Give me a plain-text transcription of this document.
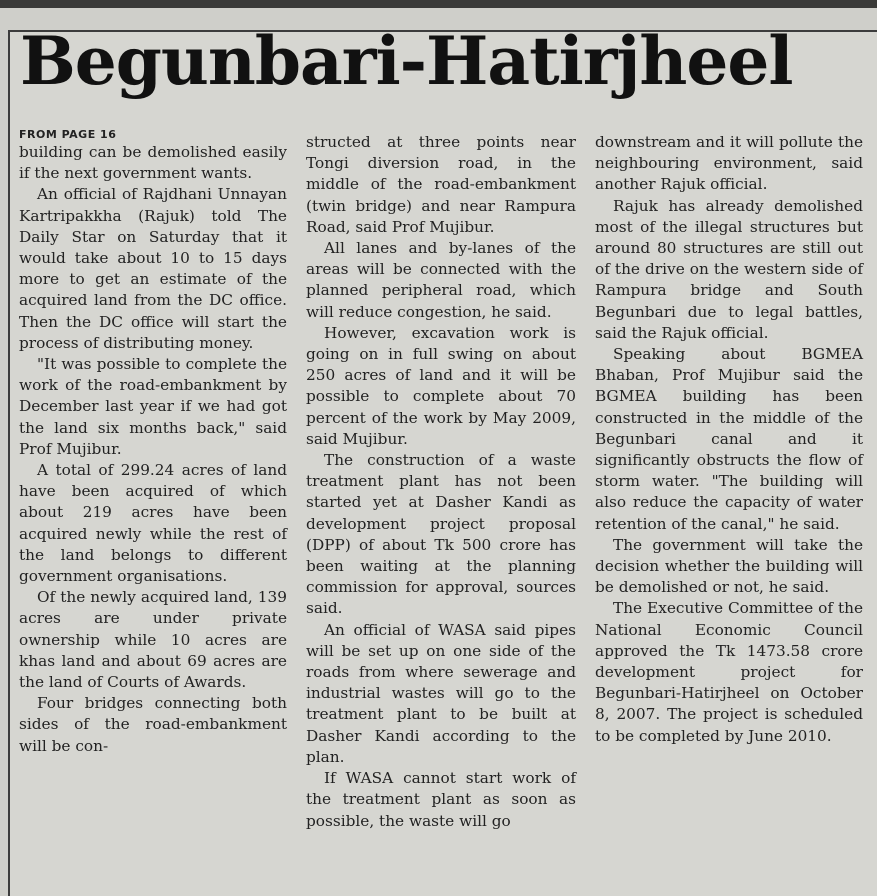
Begunbari-Hatirjheel
FROM PAGE 16

building can be demolished easily if the next government wants.

An official of Rajdhani Unnayan Kartripakkha (Rajuk) told The Daily Star on Saturday that it would take about 10 to 15 days more to get an estimate of the acquired land from the DC office. Then the DC office will start the process of distributing money.

"It was possible to complete the work of the road-embankment by December last year if we had got the land six months back," said Prof Mujibur.

A total of 299.24 acres of land have been acquired of which about 219 acres have been acquired newly while the rest of the land belongs to different government organisations.

Of the newly acquired land, 139 acres are under private ownership while 10 acres are khas land and about 69 acres are the land of Courts of Awards.

Four bridges connecting both sides of the road-embankment will be con-

structed at three points near Tongi diversion road, in the middle of the road-embankment (twin bridge) and near Rampura Road, said Prof Mujibur.

All lanes and by-lanes of the areas will be connected with the planned peripheral road, which will reduce congestion, he said.

However, excavation work is going on in full swing on about 250 acres of land and it will be possible to complete about 70 percent of the work by May 2009, said Mujibur.

The construction of a waste treatment plant has not been started yet at Dasher Kandi as development project proposal (DPP) of about Tk 500 crore has been waiting at the planning commission for approval, sources said.

An official of WASA said pipes will be set up on one side of the roads from where sewerage and industrial wastes will go to the treatment plant to be built at Dasher Kandi according to the plan.

If WASA cannot start work of the treatment plant as soon as possible, the waste will go

downstream and it will pollute the neighbouring environment, said another Rajuk official.

Rajuk has already demolished most of the illegal structures but around 80 structures are still out of the drive on the western side of Rampura bridge and South Begunbari due to legal battles, said the Rajuk official.

Speaking about BGMEA Bhaban, Prof Mujibur said the BGMEA building has been constructed in the middle of the Begunbari canal and it significantly obstructs the flow of storm water. "The building will also reduce the capacity of water retention of the canal," he said.

The government will take the decision whether the building will be demolished or not, he said.

The Executive Committee of the National Economic Council approved the Tk 1473.58 crore development project for Begunbari-Hatirjheel on October 8, 2007. The project is scheduled to be completed by June 2010.
